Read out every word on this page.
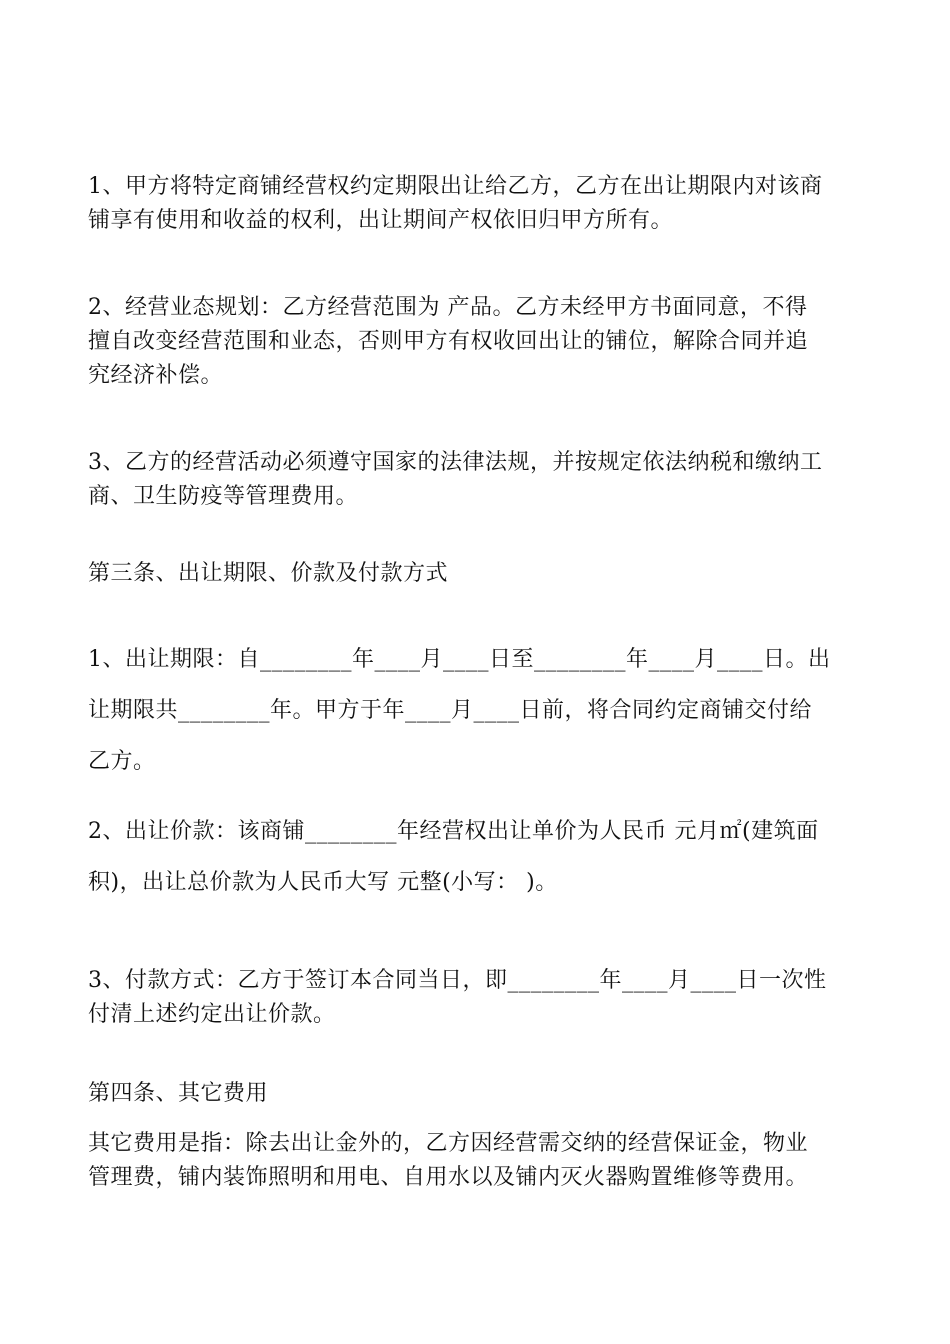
1、甲方将特定商铺经营权约定期限出让给乙方，乙方在出让期限内对该商
铺享有使用和收益的权利，出让期间产权依旧归甲方所有。
2、经营业态规划：乙方经营范围为 产品。乙方未经甲方书面同意，不得
擅自改变经营范围和业态，否则甲方有权收回出让的铺位，解除合同并追
究经济补偿。
3、乙方的经营活动必须遵守国家的法律法规，并按规定依法纳税和缴纳工
商、卫生防疫等管理费用。
第三条、出让期限、价款及付款方式
1、出让期限：自________年____月____日至________年____月____日。出
让期限共________年。甲方于年____月____日前，将合同约定商铺交付给
乙方。
2、出让价款：该商铺________年经营权出让单价为人民币 元月㎡(建筑面
积)，出让总价款为人民币大写 元整(小写： )。
3、付款方式：乙方于签订本合同当日，即________年____月____日一次性
付清上述约定出让价款。
第四条、其它费用
其它费用是指：除去出让金外的，乙方因经营需交纳的经营保证金，物业
管理费，铺内装饰照明和用电、自用水以及铺内灭火器购置维修等费用。
